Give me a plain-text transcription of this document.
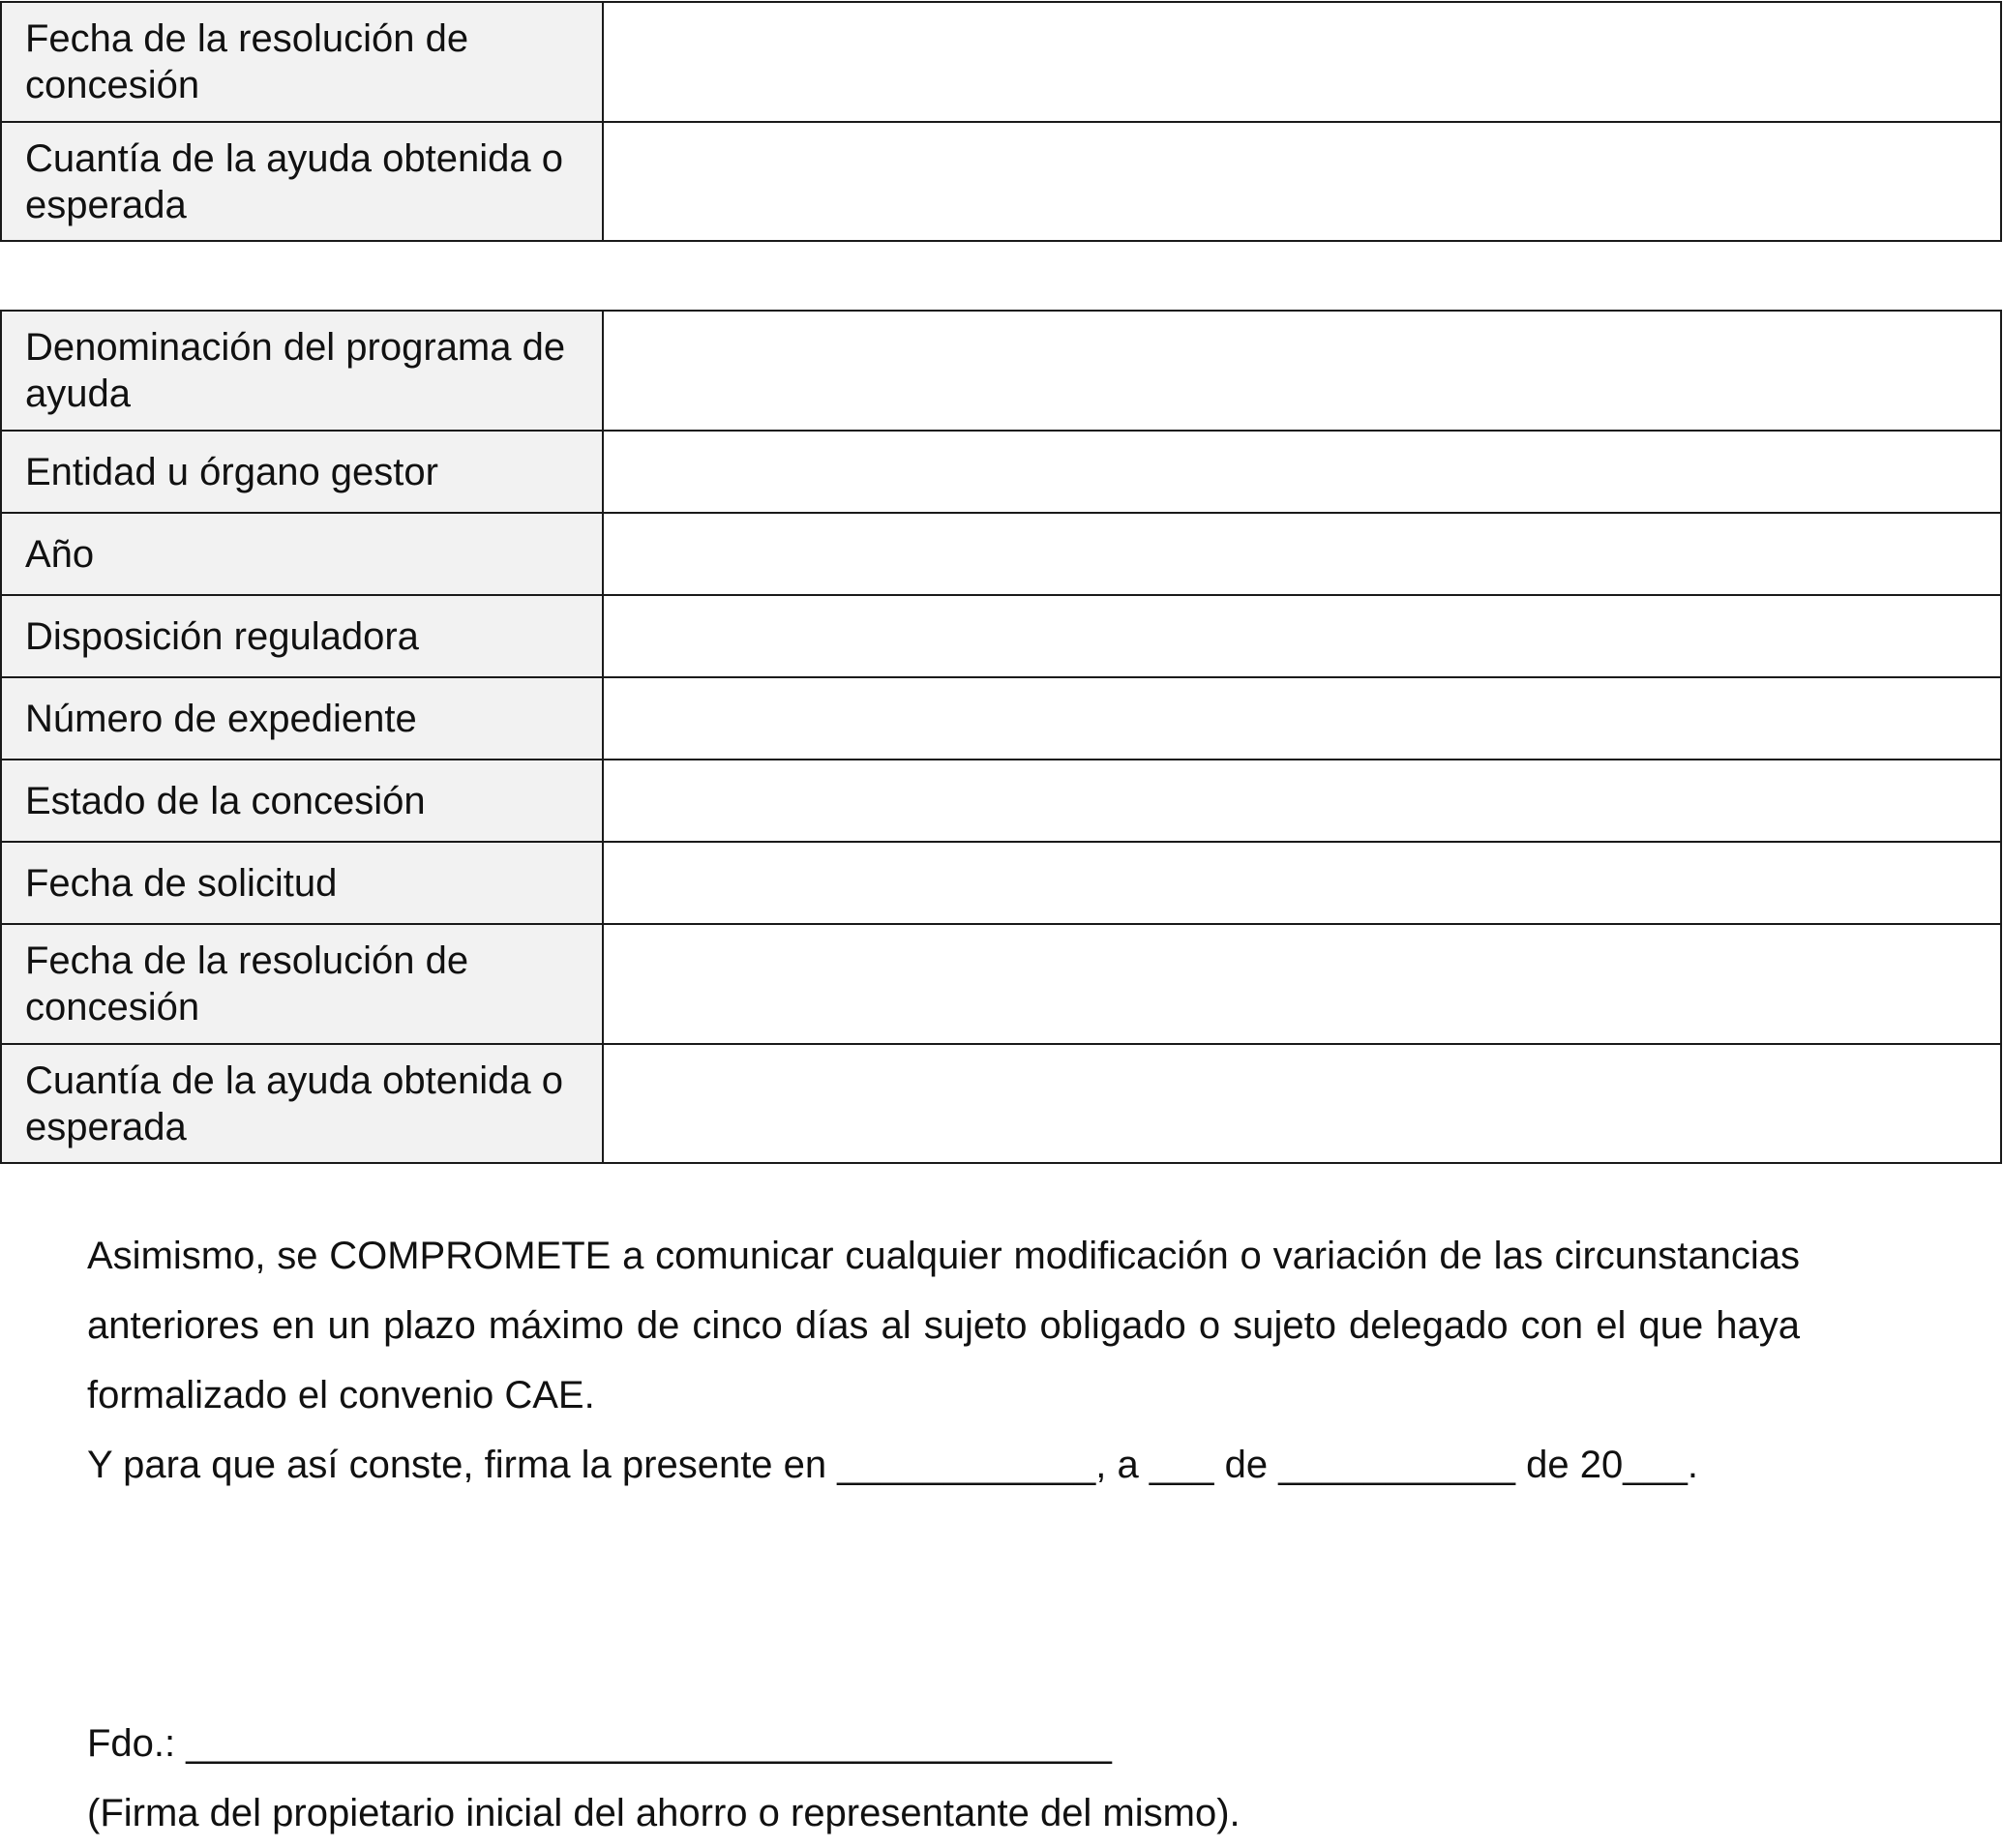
Fecha de la resolución de concesión	
Cuantía de la ayuda obtenida o esperada	
Denominación del programa de ayuda	
Entidad u órgano gestor	
Año	
Disposición reguladora	
Número de expediente	
Estado de la concesión	
Fecha de solicitud	
Fecha de la resolución de concesión	
Cuantía de la ayuda obtenida o esperada	

Asimismo, se COMPROMETE a comunicar cualquier modificación o variación de las circunstancias anteriores en un plazo máximo de cinco días al sujeto obligado o sujeto delegado con el que haya formalizado el convenio CAE.

Y para que así conste, firma la presente en ____________, a ___ de ___________ de 20___.

Fdo.: ___________________________________________

(Firma del propietario inicial del ahorro o representante del mismo).
